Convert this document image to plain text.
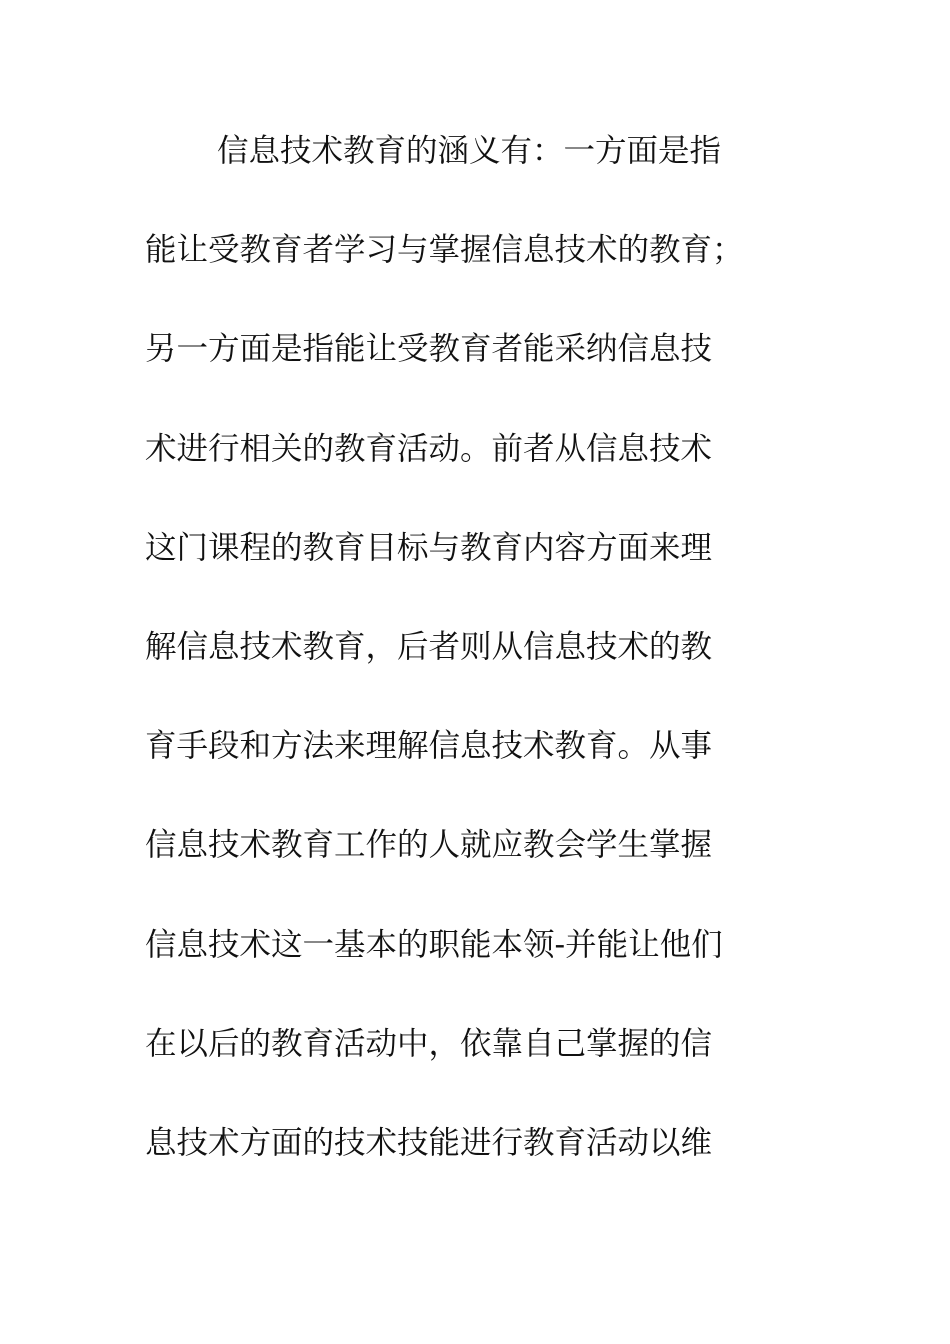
信息技术教育的涵义有：一方面是指
能让受教育者学习与掌握信息技术的教育；
另一方面是指能让受教育者能采纳信息技
术进行相关的教育活动。前者从信息技术
这门课程的教育目标与教育内容方面来理
解信息技术教育，后者则从信息技术的教
育手段和方法来理解信息技术教育。从事
信息技术教育工作的人就应教会学生掌握
信息技术这一基本的职能本领-并能让他们
在以后的教育活动中，依靠自己掌握的信
息技术方面的技术技能进行教育活动以维
